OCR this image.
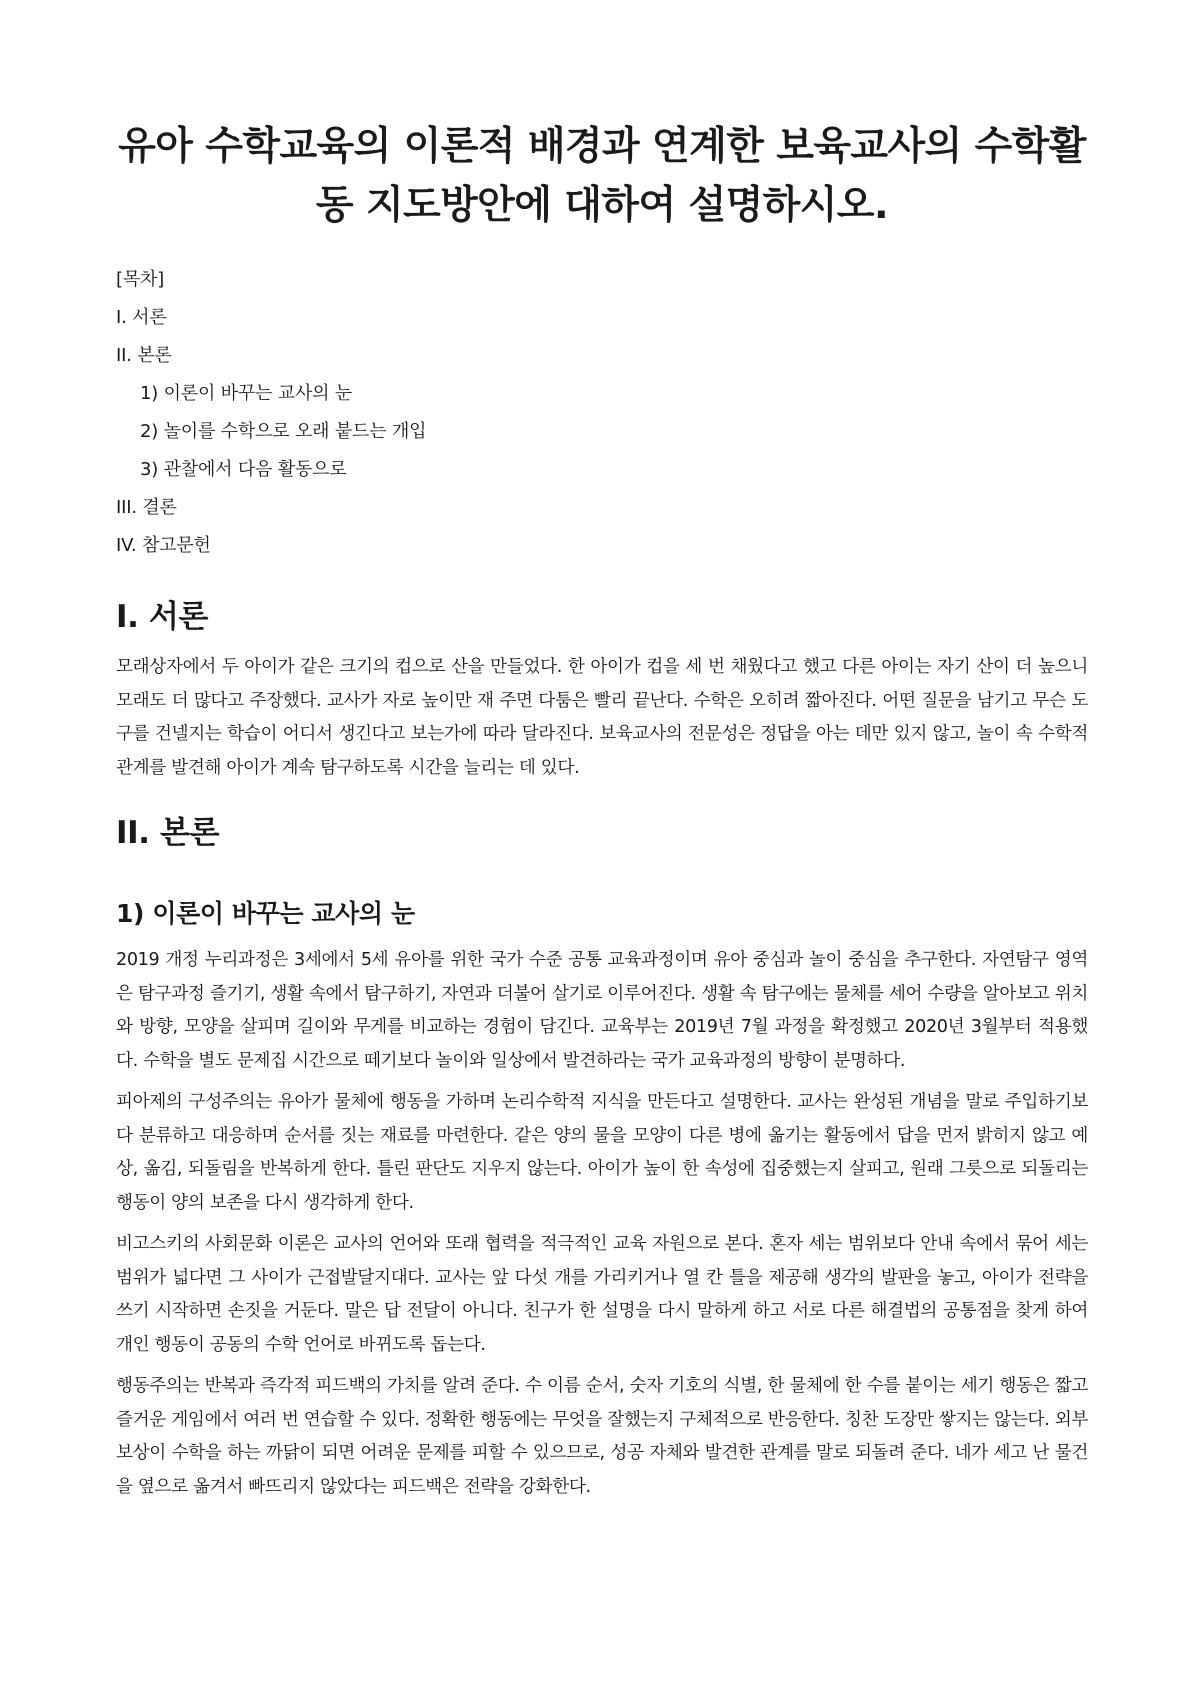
유아 수학교육의 이론적 배경과 연계한 보육교사의 수학활동 지도방안에 대하여 설명하시오.

[목차]

I. 서론

II. 본론

1) 이론이 바꾸는 교사의 눈

2) 놀이를 수학으로 오래 붙드는 개입

3) 관찰에서 다음 활동으로

III. 결론

IV. 참고문헌

I. 서론

모래상자에서 두 아이가 같은 크기의 컵으로 산을 만들었다. 한 아이가 컵을 세 번 채웠다고 했고 다른 아이는 자기 산이 더 높으니 모래도 더 많다고 주장했다. 교사가 자로 높이만 재 주면 다툼은 빨리 끝난다. 수학은 오히려 짧아진다. 어떤 질문을 남기고 무슨 도구를 건넬지는 학습이 어디서 생긴다고 보는가에 따라 달라진다. 보육교사의 전문성은 정답을 아는 데만 있지 않고, 놀이 속 수학적 관계를 발견해 아이가 계속 탐구하도록 시간을 늘리는 데 있다.

II. 본론
1) 이론이 바꾸는 교사의 눈

2019 개정 누리과정은 3세에서 5세 유아를 위한 국가 수준 공통 교육과정이며 유아 중심과 놀이 중심을 추구한다. 자연탐구 영역은 탐구과정 즐기기, 생활 속에서 탐구하기, 자연과 더불어 살기로 이루어진다. 생활 속 탐구에는 물체를 세어 수량을 알아보고 위치와 방향, 모양을 살피며 길이와 무게를 비교하는 경험이 담긴다. 교육부는 2019년 7월 과정을 확정했고 2020년 3월부터 적용했다. 수학을 별도 문제집 시간으로 떼기보다 놀이와 일상에서 발견하라는 국가 교육과정의 방향이 분명하다.

피아제의 구성주의는 유아가 물체에 행동을 가하며 논리수학적 지식을 만든다고 설명한다. 교사는 완성된 개념을 말로 주입하기보다 분류하고 대응하며 순서를 짓는 재료를 마련한다. 같은 양의 물을 모양이 다른 병에 옮기는 활동에서 답을 먼저 밝히지 않고 예상, 옮김, 되돌림을 반복하게 한다. 틀린 판단도 지우지 않는다. 아이가 높이 한 속성에 집중했는지 살피고, 원래 그릇으로 되돌리는 행동이 양의 보존을 다시 생각하게 한다.

비고스키의 사회문화 이론은 교사의 언어와 또래 협력을 적극적인 교육 자원으로 본다. 혼자 세는 범위보다 안내 속에서 묶어 세는 범위가 넓다면 그 사이가 근접발달지대다. 교사는 앞 다섯 개를 가리키거나 열 칸 틀을 제공해 생각의 발판을 놓고, 아이가 전략을 쓰기 시작하면 손짓을 거둔다. 말은 답 전달이 아니다. 친구가 한 설명을 다시 말하게 하고 서로 다른 해결법의 공통점을 찾게 하여 개인 행동이 공동의 수학 언어로 바뀌도록 돕는다.

행동주의는 반복과 즉각적 피드백의 가치를 알려 준다. 수 이름 순서, 숫자 기호의 식별, 한 물체에 한 수를 붙이는 세기 행동은 짧고 즐거운 게임에서 여러 번 연습할 수 있다. 정확한 행동에는 무엇을 잘했는지 구체적으로 반응한다. 칭찬 도장만 쌓지는 않는다. 외부 보상이 수학을 하는 까닭이 되면 어려운 문제를 피할 수 있으므로, 성공 자체와 발견한 관계를 말로 되돌려 준다. 네가 세고 난 물건을 옆으로 옮겨서 빠뜨리지 않았다는 피드백은 전략을 강화한다.
